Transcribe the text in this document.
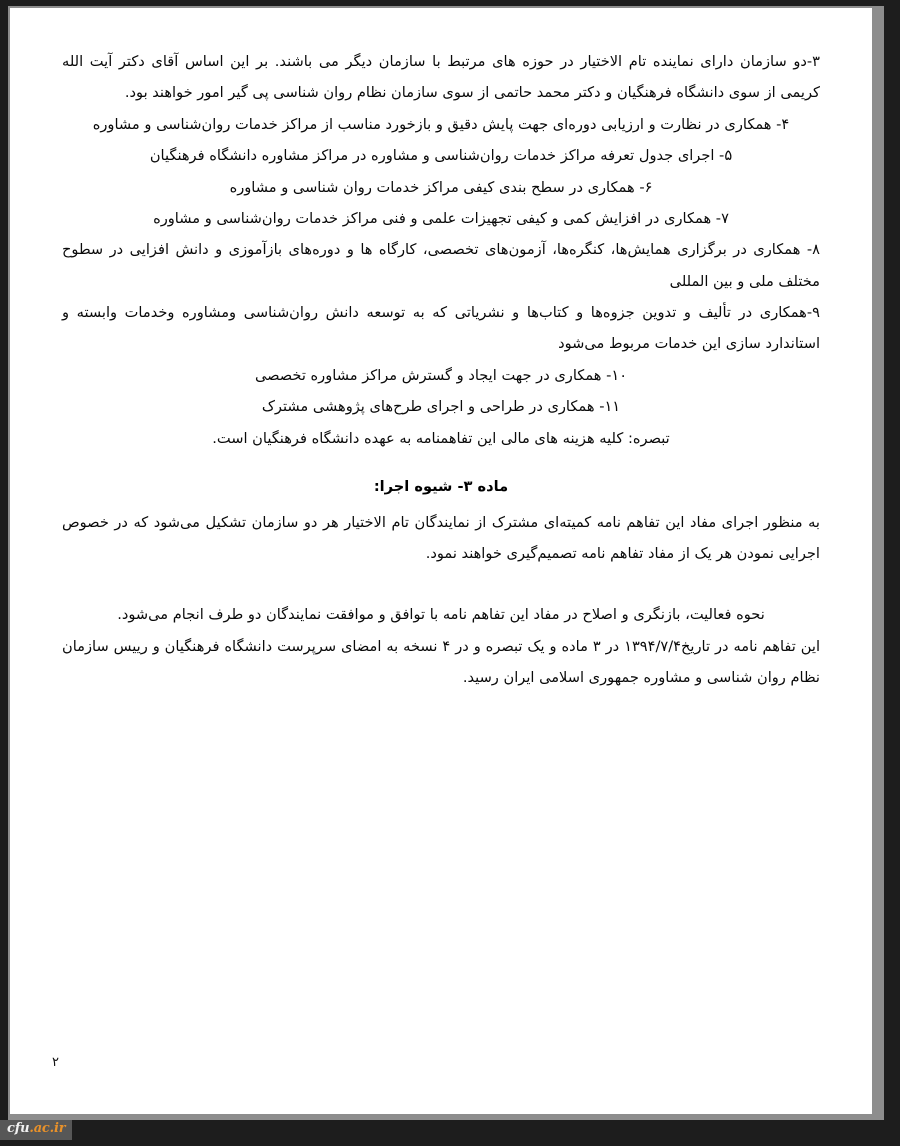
۳-دو سازمان دارای نماینده تام الاختیار در حوزه های مرتبط با سازمان دیگر می باشند. بر این اساس آقای دکتر آیت الله کریمی از سوی دانشگاه فرهنگیان و دکتر محمد حاتمی از سوی سازمان نظام روان شناسی پی گیر امور خواهند بود.

۴- همکاری در نظارت و ارزیابی دوره‌ای جهت پایش دقیق و بازخورد مناسب از مراکز خدمات روان‌شناسی و مشاوره

۵- اجرای جدول تعرفه مراکز خدمات روان‌شناسی و مشاوره در مراکز مشاوره دانشگاه فرهنگیان

۶- همکاری در سطح بندی کیفی مراکز خدمات روان شناسی و مشاوره

۷- همکاری در افزایش کمی و کیفی تجهیزات علمی و فنی مراکز خدمات روان‌شناسی و مشاوره

۸- همکاری در برگزاری همایش‌ها، کنگره‌ها، آزمون‌های تخصصی، کارگاه ها و دوره‌های بازآموزی و دانش افزایی در سطوح مختلف ملی و بین المللی

۹-همکاری در تألیف و تدوین جزوه‌ها و کتاب‌ها و نشریاتی که به توسعه دانش روان‌شناسی ومشاوره وخدمات وابسته و استاندارد سازی این خدمات مربوط می‌شود

۱۰- همکاری در جهت ایجاد و گسترش مراکز مشاوره تخصصی

۱۱- همکاری در طراحی و اجرای طرح‌های پژوهشی مشترک

تبصره: کلیه هزینه های مالی این تفاهمنامه به عهده دانشگاه فرهنگیان است.

ماده ۳- شیوه اجرا:

به منظور اجرای مفاد این تفاهم نامه کمیته‌ای مشترک از نمایندگان تام الاختیار هر دو سازمان تشکیل می‌شود که در خصوص اجرایی نمودن هر یک از مفاد تفاهم نامه تصمیم‌گیری خواهند نمود.

نحوه فعالیت، بازنگری و اصلاح در مفاد این تفاهم نامه با توافق و موافقت نمایندگان دو طرف انجام می‌شود.

این تفاهم نامه در تاریخ۱۳۹۴/۷/۴ در ۳ ماده و یک تبصره و در ۴ نسخه به امضای سرپرست دانشگاه فرهنگیان و رییس سازمان نظام روان شناسی و مشاوره جمهوری اسلامی ایران رسید.

۲
cfu.ac.ir
